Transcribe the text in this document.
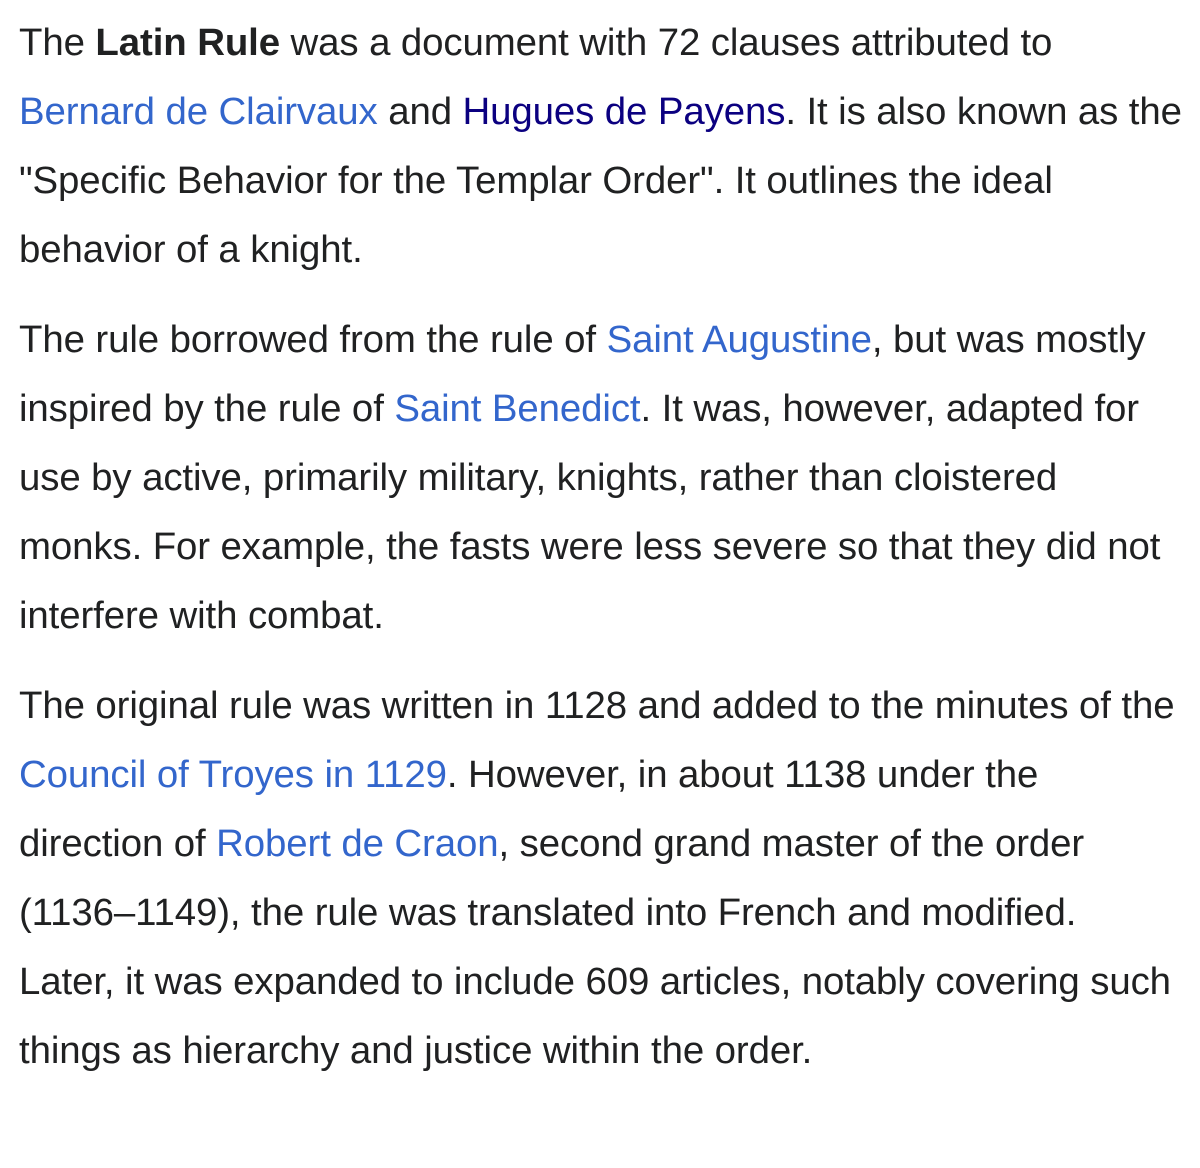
The Latin Rule was a document with 72 clauses attributed to Bernard de Clairvaux and Hugues de Payens. It is also known as the "Specific Behavior for the Templar Order". It outlines the ideal behavior of a knight.

The rule borrowed from the rule of Saint Augustine, but was mostly inspired by the rule of Saint Benedict. It was, however, adapted for use by active, primarily military, knights, rather than cloistered monks. For example, the fasts were less severe so that they did not interfere with combat.

The original rule was written in 1128 and added to the minutes of the Council of Troyes in 1129. However, in about 1138 under the direction of Robert de Craon, second grand master of the order (1136–1149), the rule was translated into French and modified. Later, it was expanded to include 609 articles, notably covering such things as hierarchy and justice within the order.
